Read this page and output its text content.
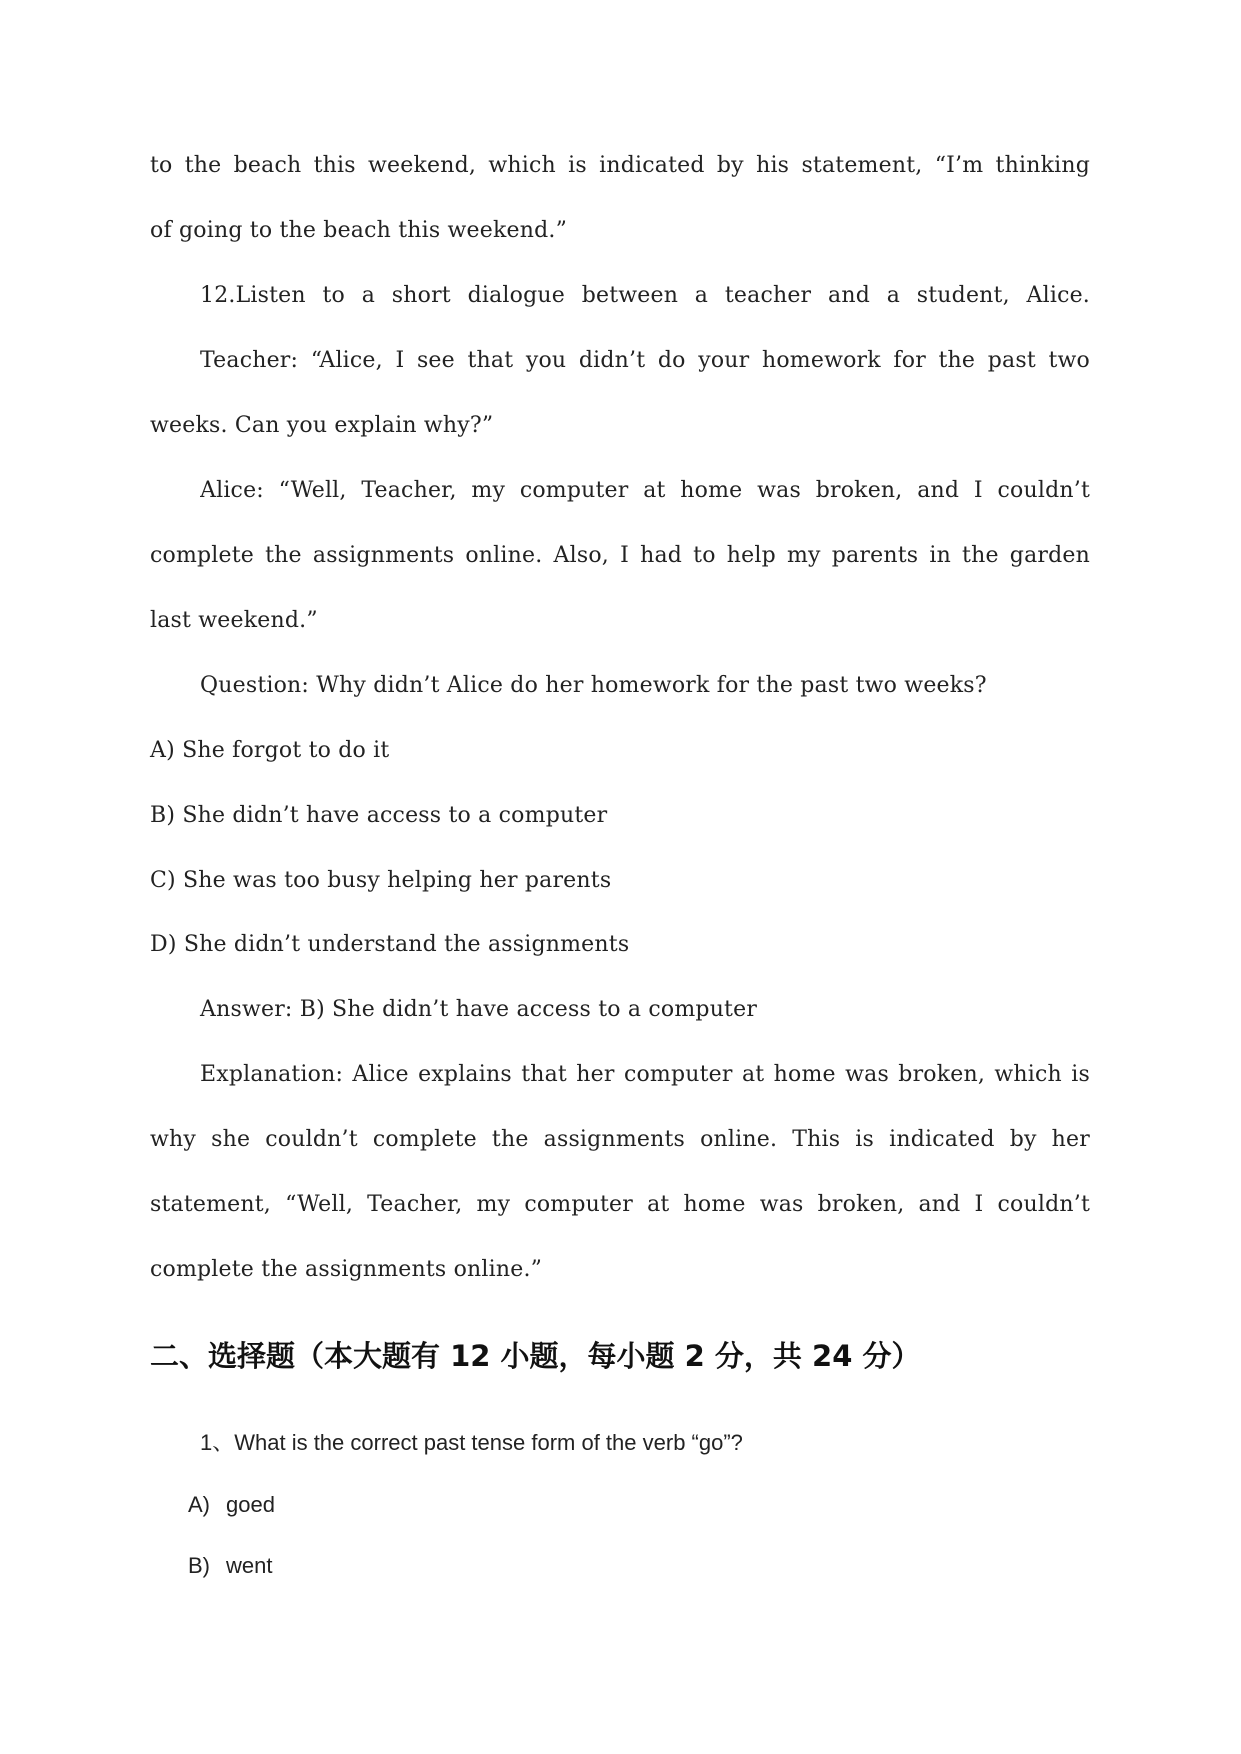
to the beach this weekend, which is indicated by his statement, “I’m thinking
of going to the beach this weekend.”
12.Listen to a short dialogue between a teacher and a student, Alice.
Teacher: “Alice, I see that you didn’t do your homework for the past two
weeks. Can you explain why?”
Alice: “Well, Teacher, my computer at home was broken, and I couldn’t
complete the assignments online. Also, I had to help my parents in the garden
last weekend.”
Question: Why didn’t Alice do her homework for the past two weeks?
A) She forgot to do it
B) She didn’t have access to a computer
C) She was too busy helping her parents
D) She didn’t understand the assignments
Answer: B) She didn’t have access to a computer
Explanation: Alice explains that her computer at home was broken, which is
why she couldn’t complete the assignments online. This is indicated by her
statement, “Well, Teacher, my computer at home was broken, and I couldn’t
complete the assignments online.”
二、选择题（本大题有 12 小题，每小题 2 分，共 24 分）
1、What is the correct past tense form of the verb “go”?
A) goed
B) went
